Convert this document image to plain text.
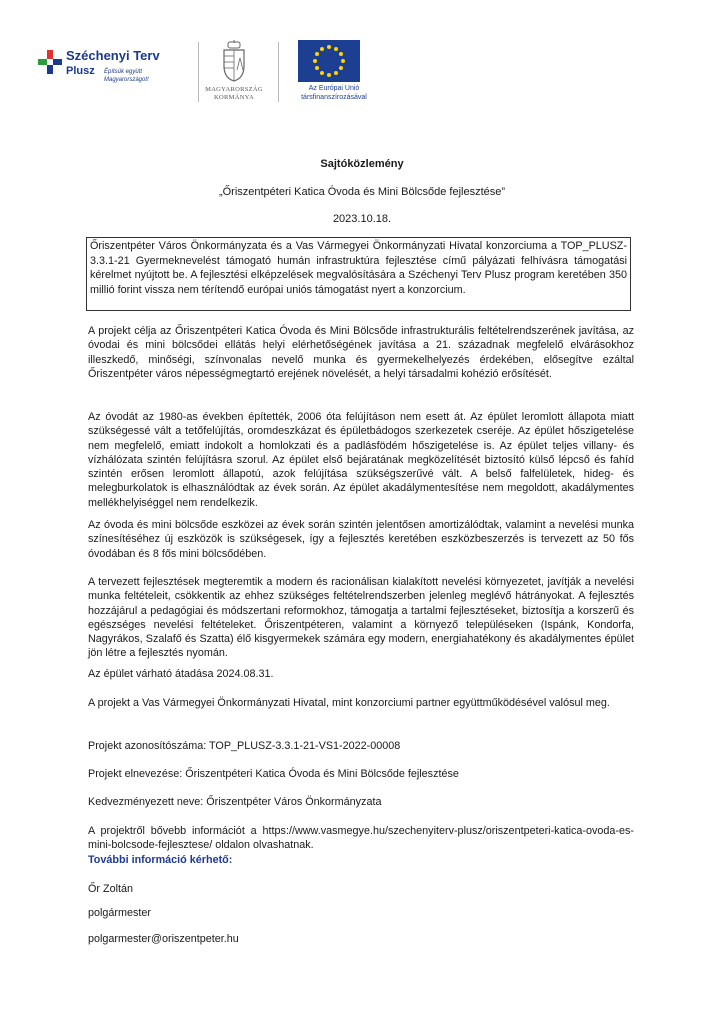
Széchenyi Terv
Plusz Építsük együtt
Magyarországot!
MAGYARORSZÁG
KORMÁNYA
Az Európai Unió
társfinanszírozásával
Sajtóközlemény
„Őriszentpéteri Katica Óvoda és Mini Bölcsőde fejlesztése”
2023.10.18.
Őriszentpéter Város Önkormányzata és a Vas Vármegyei Önkormányzati Hivatal konzorciuma a TOP_PLUSZ-3.3.1-21 Gyermeknevelést támogató humán infrastruktúra fejlesztése című pályázati felhívásra támogatási kérelmet nyújtott be. A fejlesztési elképzelések megvalósítására a Széchenyi Terv Plusz program keretében 350 millió forint vissza nem térítendő európai uniós támogatást nyert a konzorcium.
A projekt célja az Őriszentpéteri Katica Óvoda és Mini Bölcsőde infrastrukturális feltételrendszerének javítása, az óvodai és mini bölcsődei ellátás helyi elérhetőségének javítása a 21. századnak megfelelő elvárásokhoz illeszkedő, minőségi, színvonalas nevelő munka és gyermekelhelyezés érdekében, elősegítve ezáltal Őriszentpéter város népességmegtartó erejének növelését, a helyi társadalmi kohézió erősítését.
Az óvodát az 1980-as években építették, 2006 óta felújításon nem esett át. Az épület leromlott állapota miatt szükségessé vált a tetőfelújítás, oromdeszkázat és épületbádogos szerkezetek cseréje. Az épület hőszigetelése nem megfelelő, emiatt indokolt a homlokzati és a padlásfödém hőszigetelése is. Az épület teljes villany- és vízhálózata szintén felújításra szorul. Az épület első bejáratának megközelítését biztosító külső lépcső és fahíd szintén erősen leromlott állapotú, azok felújítása szükségszerűvé vált. A belső falfelületek, hideg- és melegburkolatok is elhasználódtak az évek során. Az épület akadálymentesítése nem megoldott, akadálymentes mellékhelyiséggel nem rendelkezik.
Az óvoda és mini bölcsőde eszközei az évek során szintén jelentősen amortizálódtak, valamint a nevelési munka színesítéséhez új eszközök is szükségesek, így a fejlesztés keretében eszközbeszerzés is tervezett az 50 fős óvodában és 8 fős mini bölcsődében.
A tervezett fejlesztések megteremtik a modern és racionálisan kialakított nevelési környezetet, javítják a nevelési munka feltételeit, csökkentik az ehhez szükséges feltételrendszerben jelenleg meglévő hátrányokat. A fejlesztés hozzájárul a pedagógiai és módszertani reformokhoz, támogatja a tartalmi fejlesztéseket, biztosítja a korszerű és egészséges nevelési feltételeket. Őriszentpéteren, valamint a környező településeken (Ispánk, Kondorfa, Nagyrákos, Szalafő és Szatta) élő kisgyermekek számára egy modern, energiahatékony és akadálymentes épület jön létre a fejlesztés nyomán.
Az épület várható átadása 2024.08.31.
A projekt a Vas Vármegyei Önkormányzati Hivatal, mint konzorciumi partner együttműködésével valósul meg.
Projekt azonosítószáma: TOP_PLUSZ-3.3.1-21-VS1-2022-00008
Projekt elnevezése: Őriszentpéteri Katica Óvoda és Mini Bölcsőde fejlesztése
Kedvezményezett neve: Őriszentpéter Város Önkormányzata
A projektről bővebb információt a https://www.vasmegye.hu/szechenyiterv-plusz/oriszentpeteri-katica-ovoda-es-mini-bolcsode-fejlesztese/ oldalon olvashatnak.
További információ kérhető:
Őr Zoltán
polgármester
polgarmester@oriszentpeter.hu
